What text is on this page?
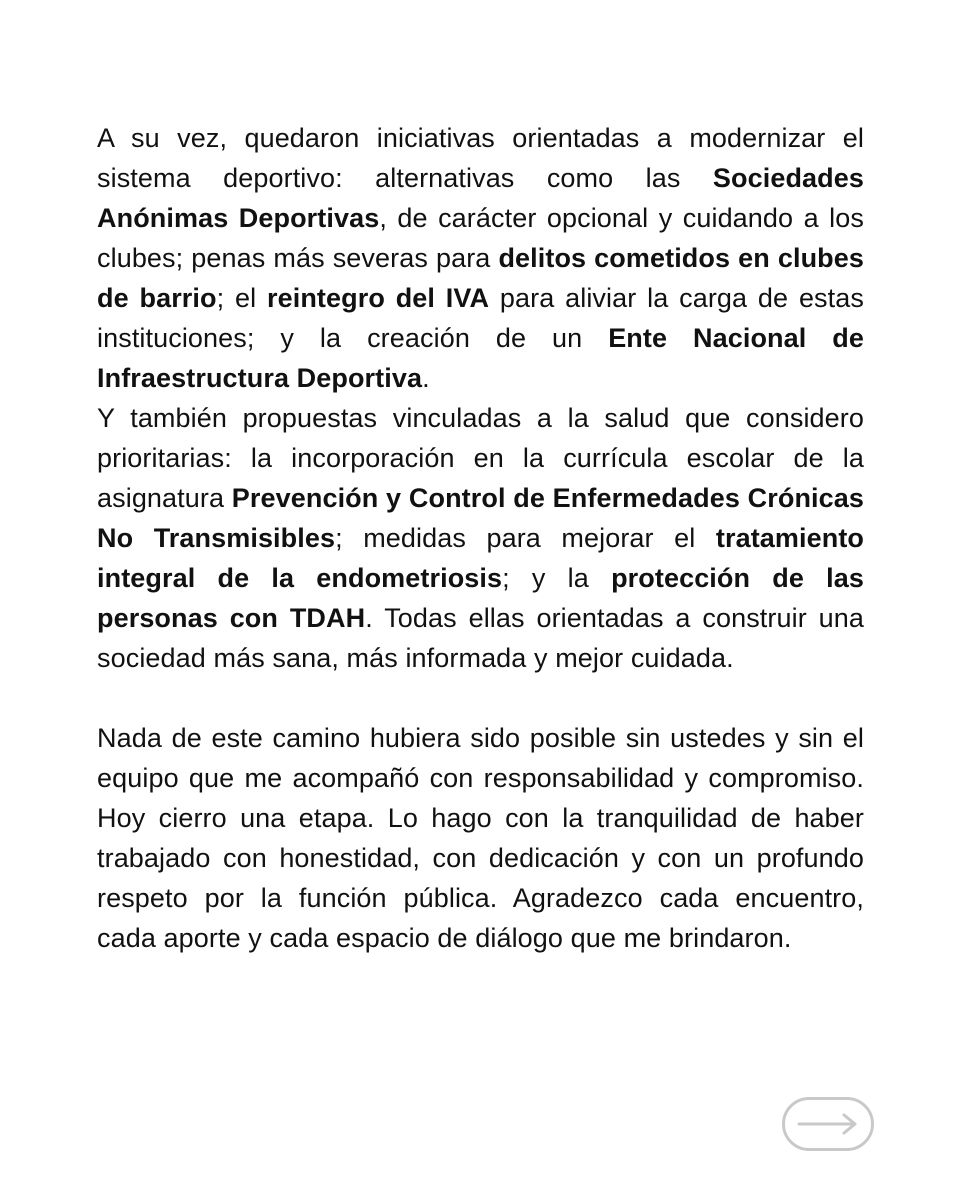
A su vez, quedaron iniciativas orientadas a modernizar el sistema deportivo: alternativas como las Sociedades Anónimas Deportivas, de carácter opcional y cuidando a los clubes; penas más severas para delitos cometidos en clubes de barrio; el reintegro del IVA para aliviar la carga de estas instituciones; y la creación de un Ente Nacional de Infraestructura Deportiva.

Y también propuestas vinculadas a la salud que considero prioritarias: la incorporación en la currícula escolar de la asignatura Prevención y Control de Enfermedades Crónicas No Transmisibles; medidas para mejorar el tratamiento integral de la endometriosis; y la protección de las personas con TDAH. Todas ellas orientadas a construir una sociedad más sana, más informada y mejor cuidada.

Nada de este camino hubiera sido posible sin ustedes y sin el equipo que me acompañó con responsabilidad y compromiso. Hoy cierro una etapa. Lo hago con la tranquilidad de haber trabajado con honestidad, con dedicación y con un profundo respeto por la función pública. Agradezco cada encuentro, cada aporte y cada espacio de diálogo que me brindaron.
